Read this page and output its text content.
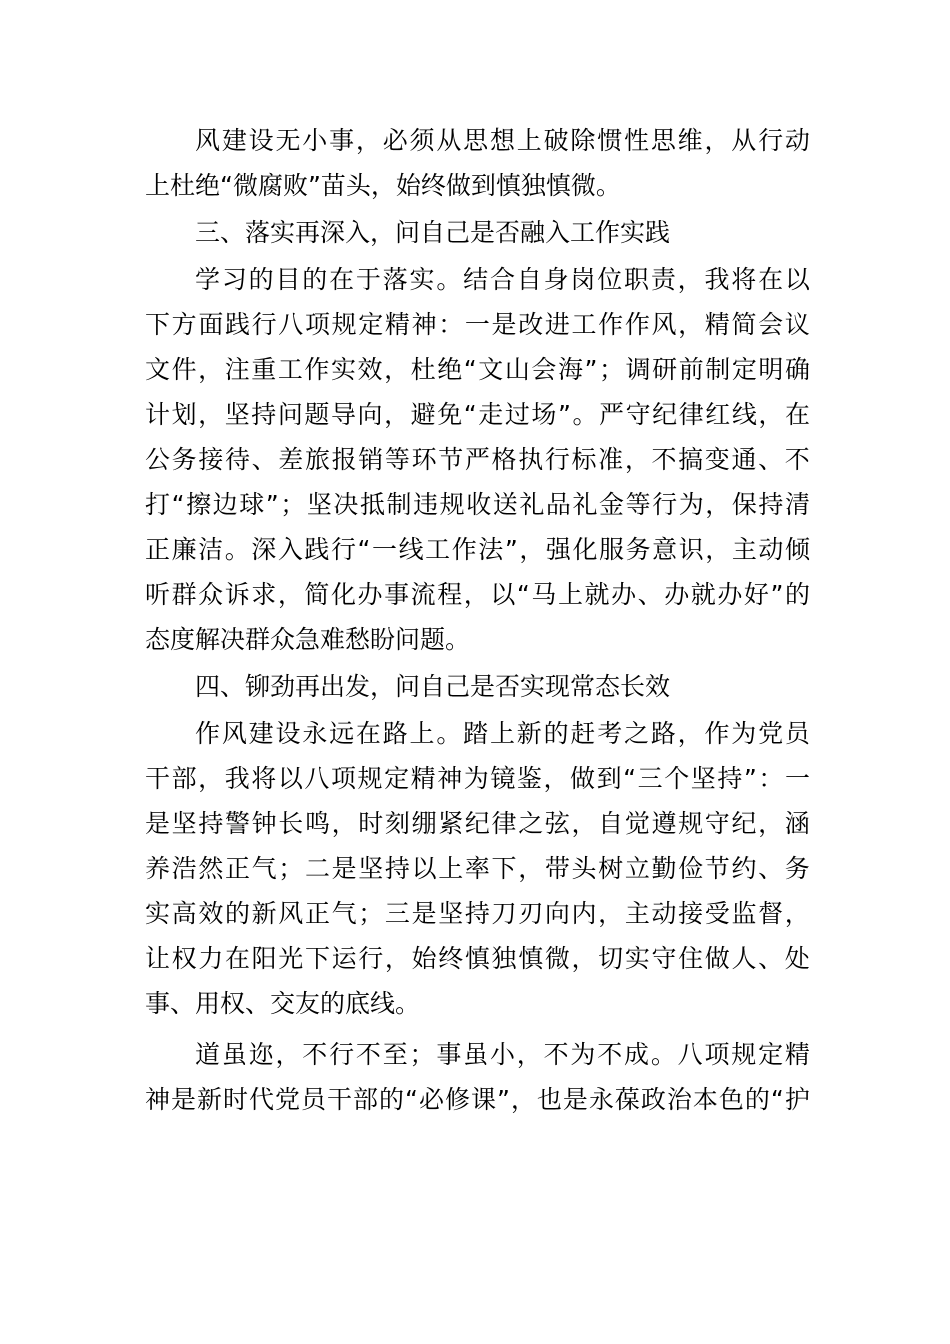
风 建 设 无 小 事 ， 必 须 从 思 想 上 破 除 惯 性 思 维 ， 从 行 动
上杜绝“微腐败”苗头，始终做到慎独慎微。
三、落实再深入，问自己是否融入工作实践
学 习 的 目 的 在 于 落 实 。 结 合 自 身 岗 位 职 责 ， 我 将 在 以
下 方 面 践 行 八 项 规 定 精 神 ： 一 是 改 进 工 作 作 风 ， 精 简 会 议
文 件 ， 注 重 工 作 实 效 ， 杜 绝 “ 文 山 会 海 ” ； 调 研 前 制 定 明 确
计 划 ， 坚 持 问 题 导 向 ， 避 免 “ 走 过 场 ” 。 严 守 纪 律 红 线 ， 在
公 务 接 待 、 差 旅 报 销 等 环 节 严 格 执 行 标 准 ， 不 搞 变 通 、 不
打 “ 擦 边 球 ” ； 坚 决 抵 制 违 规 收 送 礼 品 礼 金 等 行 为 ， 保 持 清
正 廉 洁 。 深 入 践 行 “ 一 线 工 作 法 ” ， 强 化 服 务 意 识 ， 主 动 倾
听 群 众 诉 求 ， 简 化 办 事 流 程 ， 以 “ 马 上 就 办 、 办 就 办 好 ” 的
态度解决群众急难愁盼问题。
四、铆劲再出发，问自己是否实现常态长效
作 风 建 设 永 远 在 路 上 。 踏 上 新 的 赶 考 之 路 ， 作 为 党 员
干 部 ， 我 将 以 八 项 规 定 精 神 为 镜 鉴 ， 做 到 “ 三 个 坚 持 ” ： 一
是 坚 持 警 钟 长 鸣 ， 时 刻 绷 紧 纪 律 之 弦 ， 自 觉 遵 规 守 纪 ， 涵
养 浩 然 正 气 ； 二 是 坚 持 以 上 率 下 ， 带 头 树 立 勤 俭 节 约 、 务
实 高 效 的 新 风 正 气 ； 三 是 坚 持 刀 刃 向 内 ， 主 动 接 受 监 督 ，
让 权 力 在 阳 光 下 运 行 ， 始 终 慎 独 慎 微 ， 切 实 守 住 做 人 、 处
事、用权、交友的底线。
道 虽 迩 ， 不 行 不 至 ； 事 虽 小 ， 不 为 不 成 。 八 项 规 定 精
神 是 新 时 代 党 员 干 部 的 “ 必 修 课 ” ， 也 是 永 葆 政 治 本 色 的 “ 护
